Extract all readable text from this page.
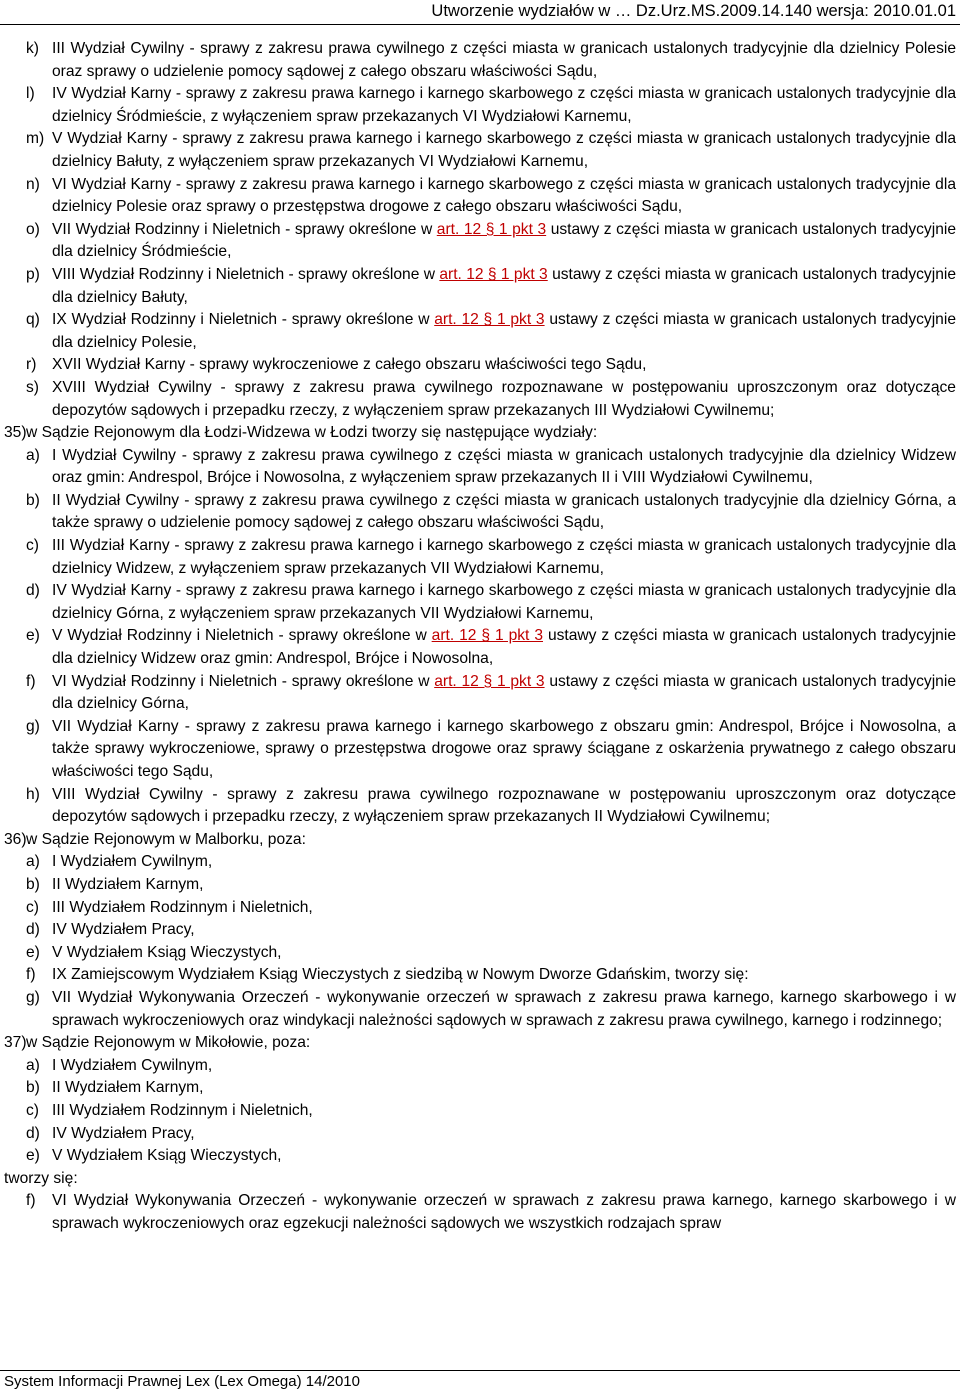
Utworzenie wydziałów w … Dz.Urz.MS.2009.14.140 wersja: 2010.01.01
k) III Wydział Cywilny - sprawy z zakresu prawa cywilnego z części miasta w granicach ustalonych tradycyjnie dla dzielnicy Polesie oraz sprawy o udzielenie pomocy sądowej z całego obszaru właściwości Sądu,
l) IV Wydział Karny - sprawy z zakresu prawa karnego i karnego skarbowego z części miasta w granicach ustalonych tradycyjnie dla dzielnicy Śródmieście, z wyłączeniem spraw przekazanych VI Wydziałowi Karnemu,
m) V Wydział Karny - sprawy z zakresu prawa karnego i karnego skarbowego z części miasta w granicach ustalonych tradycyjnie dla dzielnicy Bałuty, z wyłączeniem spraw przekazanych VI Wydziałowi Karnemu,
n) VI Wydział Karny - sprawy z zakresu prawa karnego i karnego skarbowego z części miasta w granicach ustalonych tradycyjnie dla dzielnicy Polesie oraz sprawy o przestępstwa drogowe z całego obszaru właściwości Sądu,
o) VII Wydział Rodzinny i Nieletnich - sprawy określone w art. 12 § 1 pkt 3 ustawy z części miasta w granicach ustalonych tradycyjnie dla dzielnicy Śródmieście,
p) VIII Wydział Rodzinny i Nieletnich - sprawy określone w art. 12 § 1 pkt 3 ustawy z części miasta w granicach ustalonych tradycyjnie dla dzielnicy Bałuty,
q) IX Wydział Rodzinny i Nieletnich - sprawy określone w art. 12 § 1 pkt 3 ustawy z części miasta w granicach ustalonych tradycyjnie dla dzielnicy Polesie,
r) XVII Wydział Karny - sprawy wykroczeniowe z całego obszaru właściwości tego Sądu,
s) XVIII Wydział Cywilny - sprawy z zakresu prawa cywilnego rozpoznawane w postępowaniu uproszczonym oraz dotyczące depozytów sądowych i przepadku rzeczy, z wyłączeniem spraw przekazanych III Wydziałowi Cywilnemu;
35) w Sądzie Rejonowym dla Łodzi-Widzewa w Łodzi tworzy się następujące wydziały:
a) I Wydział Cywilny - sprawy z zakresu prawa cywilnego z części miasta w granicach ustalonych tradycyjnie dla dzielnicy Widzew oraz gmin: Andrespol, Brójce i Nowosolna, z wyłączeniem spraw przekazanych II i VIII Wydziałowi Cywilnemu,
b) II Wydział Cywilny - sprawy z zakresu prawa cywilnego z części miasta w granicach ustalonych tradycyjnie dla dzielnicy Górna, a także sprawy o udzielenie pomocy sądowej z całego obszaru właściwości Sądu,
c) III Wydział Karny - sprawy z zakresu prawa karnego i karnego skarbowego z części miasta w granicach ustalonych tradycyjnie dla dzielnicy Widzew, z wyłączeniem spraw przekazanych VII Wydziałowi Karnemu,
d) IV Wydział Karny - sprawy z zakresu prawa karnego i karnego skarbowego z części miasta w granicach ustalonych tradycyjnie dla dzielnicy Górna, z wyłączeniem spraw przekazanych VII Wydziałowi Karnemu,
e) V Wydział Rodzinny i Nieletnich - sprawy określone w art. 12 § 1 pkt 3 ustawy z części miasta w granicach ustalonych tradycyjnie dla dzielnicy Widzew oraz gmin: Andrespol, Brójce i Nowosolna,
f) VI Wydział Rodzinny i Nieletnich - sprawy określone w art. 12 § 1 pkt 3 ustawy z części miasta w granicach ustalonych tradycyjnie dla dzielnicy Górna,
g) VII Wydział Karny - sprawy z zakresu prawa karnego i karnego skarbowego z obszaru gmin: Andrespol, Brójce i Nowosolna, a także sprawy wykroczeniowe, sprawy o przestępstwa drogowe oraz sprawy ściągane z oskarżenia prywatnego z całego obszaru właściwości tego Sądu,
h) VIII Wydział Cywilny - sprawy z zakresu prawa cywilnego rozpoznawane w postępowaniu uproszczonym oraz dotyczące depozytów sądowych i przepadku rzeczy, z wyłączeniem spraw przekazanych II Wydziałowi Cywilnemu;
36) w Sądzie Rejonowym w Malborku, poza:
a) I Wydziałem Cywilnym,
b) II Wydziałem Karnym,
c) III Wydziałem Rodzinnym i Nieletnich,
d) IV Wydziałem Pracy,
e) V Wydziałem Ksiąg Wieczystych,
f) IX Zamiejscowym Wydziałem Ksiąg Wieczystych z siedzibą w Nowym Dworze Gdańskim, tworzy się:
g) VII Wydział Wykonywania Orzeczeń - wykonywanie orzeczeń w sprawach z zakresu prawa karnego, karnego skarbowego i w sprawach wykroczeniowych oraz windykacji należności sądowych w sprawach z zakresu prawa cywilnego, karnego i rodzinnego;
37) w Sądzie Rejonowym w Mikołowie, poza:
a) I Wydziałem Cywilnym,
b) II Wydziałem Karnym,
c) III Wydziałem Rodzinnym i Nieletnich,
d) IV Wydziałem Pracy,
e) V Wydziałem Ksiąg Wieczystych,
tworzy się:
f) VI Wydział Wykonywania Orzeczeń - wykonywanie orzeczeń w sprawach z zakresu prawa karnego, karnego skarbowego i w sprawach wykroczeniowych oraz egzekucji należności sądowych we wszystkich rodzajach spraw
System Informacji Prawnej Lex (Lex Omega) 14/2010
